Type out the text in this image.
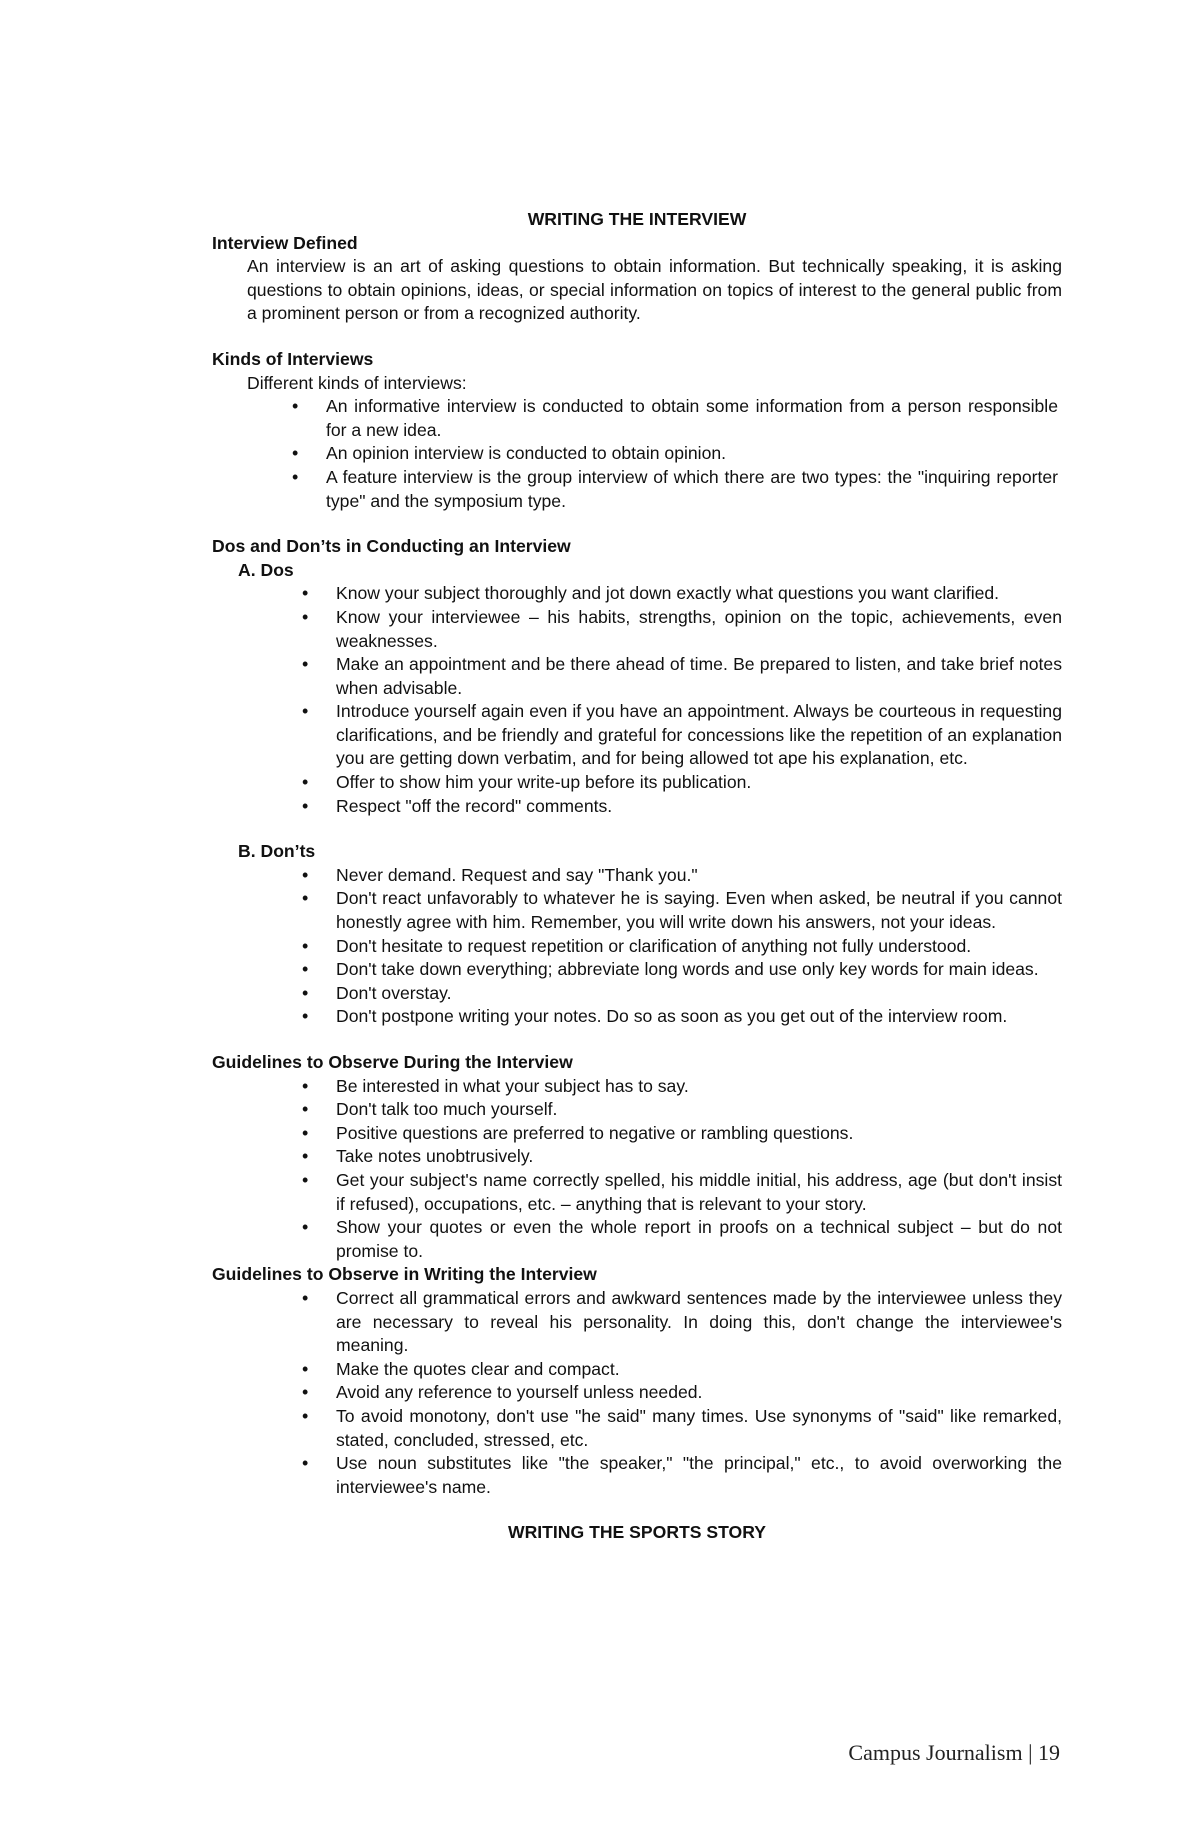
WRITING THE INTERVIEW
Interview Defined
An interview is an art of asking questions to obtain information. But technically speaking, it is asking questions to obtain opinions, ideas, or special information on topics of interest to the general public from a prominent person or from a recognized authority.
Kinds of Interviews
Different kinds of interviews:
• An informative interview is conducted to obtain some information from a person responsible for a new idea.
• An opinion interview is conducted to obtain opinion.
• A feature interview is the group interview of which there are two types: the "inquiring reporter type" and the symposium type.
Dos and Don’ts in Conducting an Interview
A. Dos
• Know your subject thoroughly and jot down exactly what questions you want clarified.
• Know your interviewee – his habits, strengths, opinion on the topic, achievements, even weaknesses.
• Make an appointment and be there ahead of time. Be prepared to listen, and take brief notes when advisable.
• Introduce yourself again even if you have an appointment. Always be courteous in requesting clarifications, and be friendly and grateful for concessions like the repetition of an explanation you are getting down verbatim, and for being allowed tot ape his explanation, etc.
• Offer to show him your write-up before its publication.
• Respect "off the record" comments.
B. Don’ts
• Never demand. Request and say "Thank you."
• Don't react unfavorably to whatever he is saying. Even when asked, be neutral if you cannot honestly agree with him. Remember, you will write down his answers, not your ideas.
• Don't hesitate to request repetition or clarification of anything not fully understood.
• Don't take down everything; abbreviate long words and use only key words for main ideas.
• Don't overstay.
• Don't postpone writing your notes. Do so as soon as you get out of the interview room.
Guidelines to Observe During the Interview
• Be interested in what your subject has to say.
• Don't talk too much yourself.
• Positive questions are preferred to negative or rambling questions.
• Take notes unobtrusively.
• Get your subject's name correctly spelled, his middle initial, his address, age (but don't insist if refused), occupations, etc. – anything that is relevant to your story.
• Show your quotes or even the whole report in proofs on a technical subject – but do not promise to.
Guidelines to Observe in Writing the Interview
• Correct all grammatical errors and awkward sentences made by the interviewee unless they are necessary to reveal his personality. In doing this, don't change the interviewee's meaning.
• Make the quotes clear and compact.
• Avoid any reference to yourself unless needed.
• To avoid monotony, don't use "he said" many times. Use synonyms of "said" like remarked, stated, concluded, stressed, etc.
• Use noun substitutes like "the speaker," "the principal," etc., to avoid overworking the interviewee's name.
WRITING THE SPORTS STORY
Campus Journalism | 19
